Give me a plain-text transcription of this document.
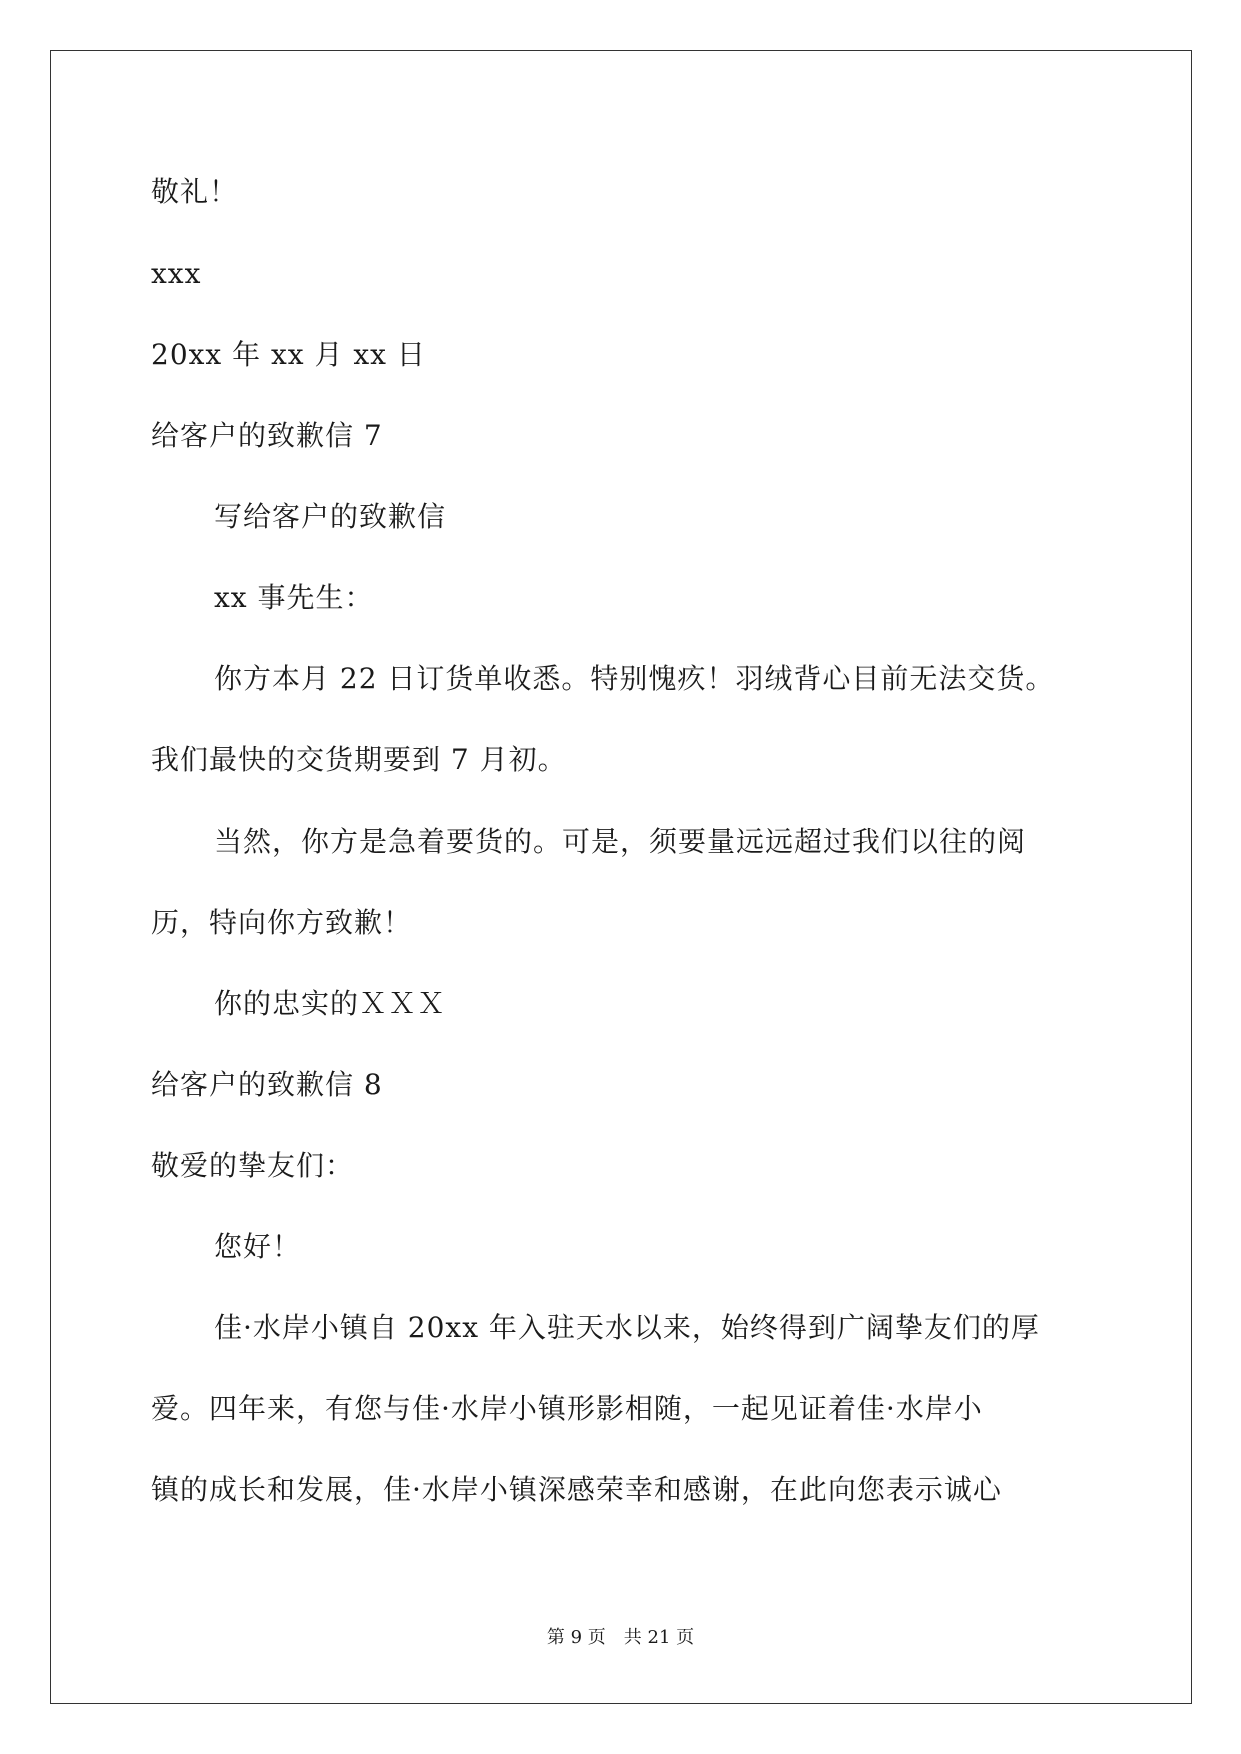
敬礼！
xxx
20xx 年 xx 月 xx 日
给客户的致歉信 7
写给客户的致歉信
xx 事先生：
你方本月 22 日订货单收悉。特别愧疚！羽绒背心目前无法交货。
我们最快的交货期要到 7 月初。
当然，你方是急着要货的。可是，须要量远远超过我们以往的阅
历，特向你方致歉！
你的忠实的ＸＸＸ
给客户的致歉信 8
敬爱的挚友们：
您好！
佳·水岸小镇自 20xx 年入驻天水以来，始终得到广阔挚友们的厚
爱。四年来，有您与佳·水岸小镇形影相随，一起见证着佳·水岸小
镇的成长和发展，佳·水岸小镇深感荣幸和感谢，在此向您表示诚心
第 9 页　共 21 页
